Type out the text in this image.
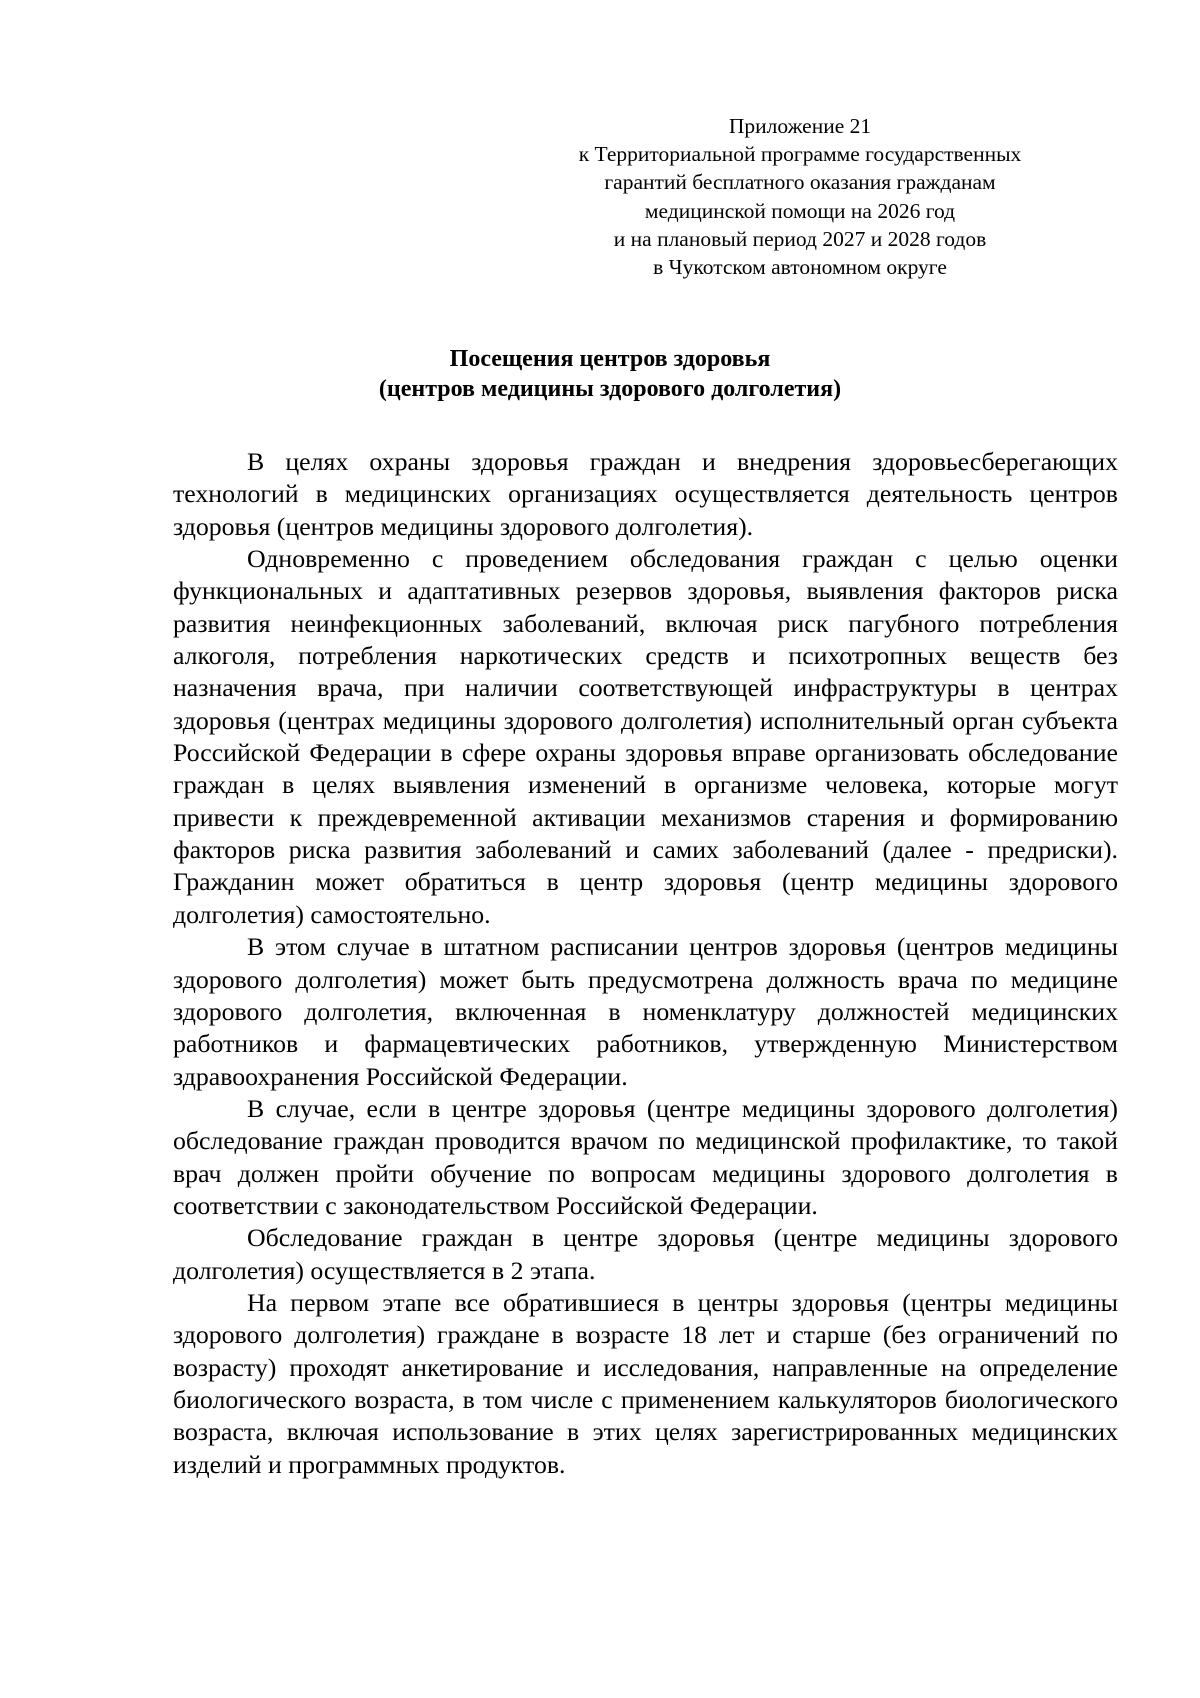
Приложение 21
к Территориальной программе государственных
гарантий бесплатного оказания гражданам
медицинской помощи на 2026 год
и на плановый период 2027 и 2028 годов
в Чукотском автономном округе
Посещения центров здоровья
(центров медицины здорового долголетия)

В целях охраны здоровья граждан и внедрения здоровьесберегающих технологий в медицинских организациях осуществляется деятельность центров здоровья (центров медицины здорового долголетия).

Одновременно с проведением обследования граждан с целью оценки функциональных и адаптативных резервов здоровья, выявления факторов риска развития неинфекционных заболеваний, включая риск пагубного потребления алкоголя, потребления наркотических средств и психотропных веществ без назначения врача, при наличии соответствующей инфраструктуры в центрах здоровья (центрах медицины здорового долголетия) исполнительный орган субъекта Российской Федерации в сфере охраны здоровья вправе организовать обследование граждан в целях выявления изменений в организме человека, которые могут привести к преждевременной активации механизмов старения и формированию факторов риска развития заболеваний и самих заболеваний (далее - предриски). Гражданин может обратиться в центр здоровья (центр медицины здорового долголетия) самостоятельно.

В этом случае в штатном расписании центров здоровья (центров медицины здорового долголетия) может быть предусмотрена должность врача по медицине здорового долголетия, включенная в номенклатуру должностей медицинских работников и фармацевтических работников, утвержденную Министерством здравоохранения Российской Федерации.

В случае, если в центре здоровья (центре медицины здорового долголетия) обследование граждан проводится врачом по медицинской профилактике, то такой врач должен пройти обучение по вопросам медицины здорового долголетия в соответствии с законодательством Российской Федерации.

Обследование граждан в центре здоровья (центре медицины здорового долголетия) осуществляется в 2 этапа.

На первом этапе все обратившиеся в центры здоровья (центры медицины здорового долголетия) граждане в возрасте 18 лет и старше (без ограничений по возрасту) проходят анкетирование и исследования, направленные на определение биологического возраста, в том числе с применением калькуляторов биологического возраста, включая использование в этих целях зарегистрированных медицинских изделий и программных продуктов.
